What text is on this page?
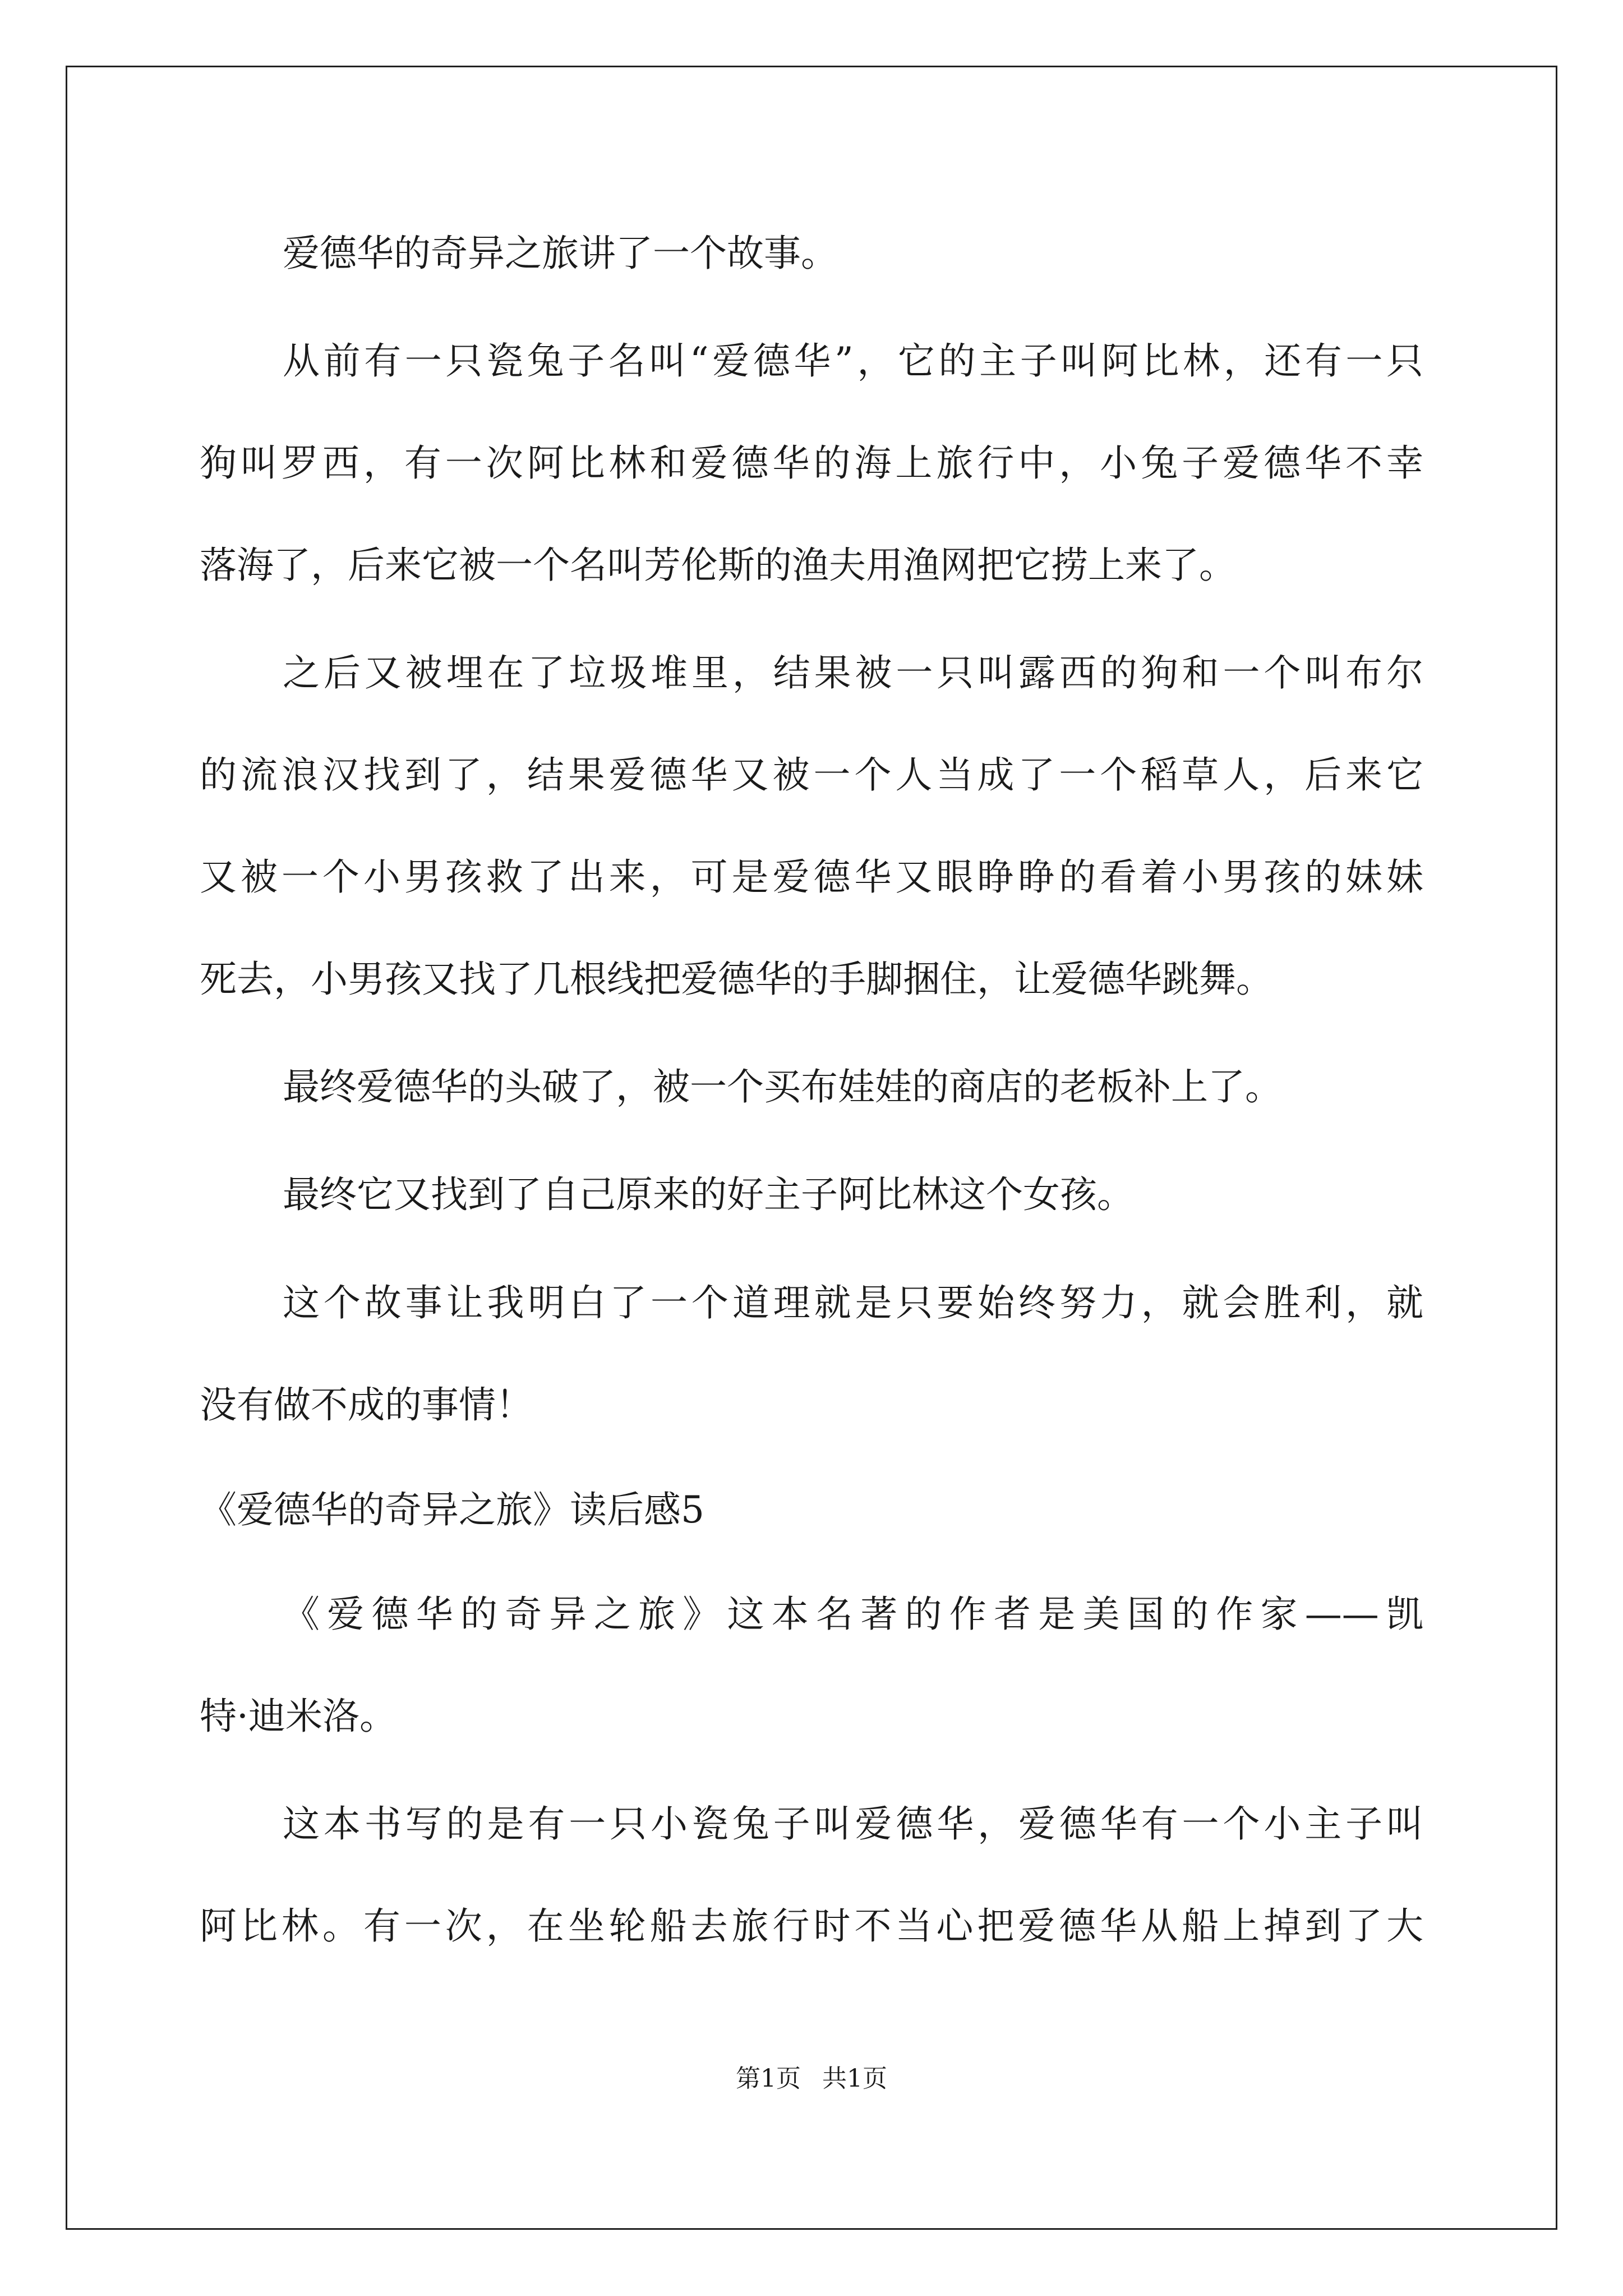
爱德华的奇异之旅讲了一个故事。
从前有一只瓷兔子名叫“爱德华”，它的主子叫阿比林，还有一只
狗叫罗西，有一次阿比林和爱德华的海上旅行中，小兔子爱德华不幸
落海了，后来它被一个名叫芳伦斯的渔夫用渔网把它捞上来了。
之后又被埋在了垃圾堆里，结果被一只叫露西的狗和一个叫布尔
的流浪汉找到了，结果爱德华又被一个人当成了一个稻草人，后来它
又被一个小男孩救了出来，可是爱德华又眼睁睁的看着小男孩的妹妹
死去，小男孩又找了几根线把爱德华的手脚捆住，让爱德华跳舞。
最终爱德华的头破了，被一个买布娃娃的商店的老板补上了。
最终它又找到了自己原来的好主子阿比林这个女孩。
这个故事让我明白了一个道理就是只要始终努力，就会胜利，就
没有做不成的事情！
《爱德华的奇异之旅》读后感5
《爱德华的奇异之旅》这本名著的作者是美国的作家——凯
特·迪米洛。
这本书写的是有一只小瓷兔子叫爱德华，爱德华有一个小主子叫
阿比林。有一次，在坐轮船去旅行时不当心把爱德华从船上掉到了大
第1页 共1页
